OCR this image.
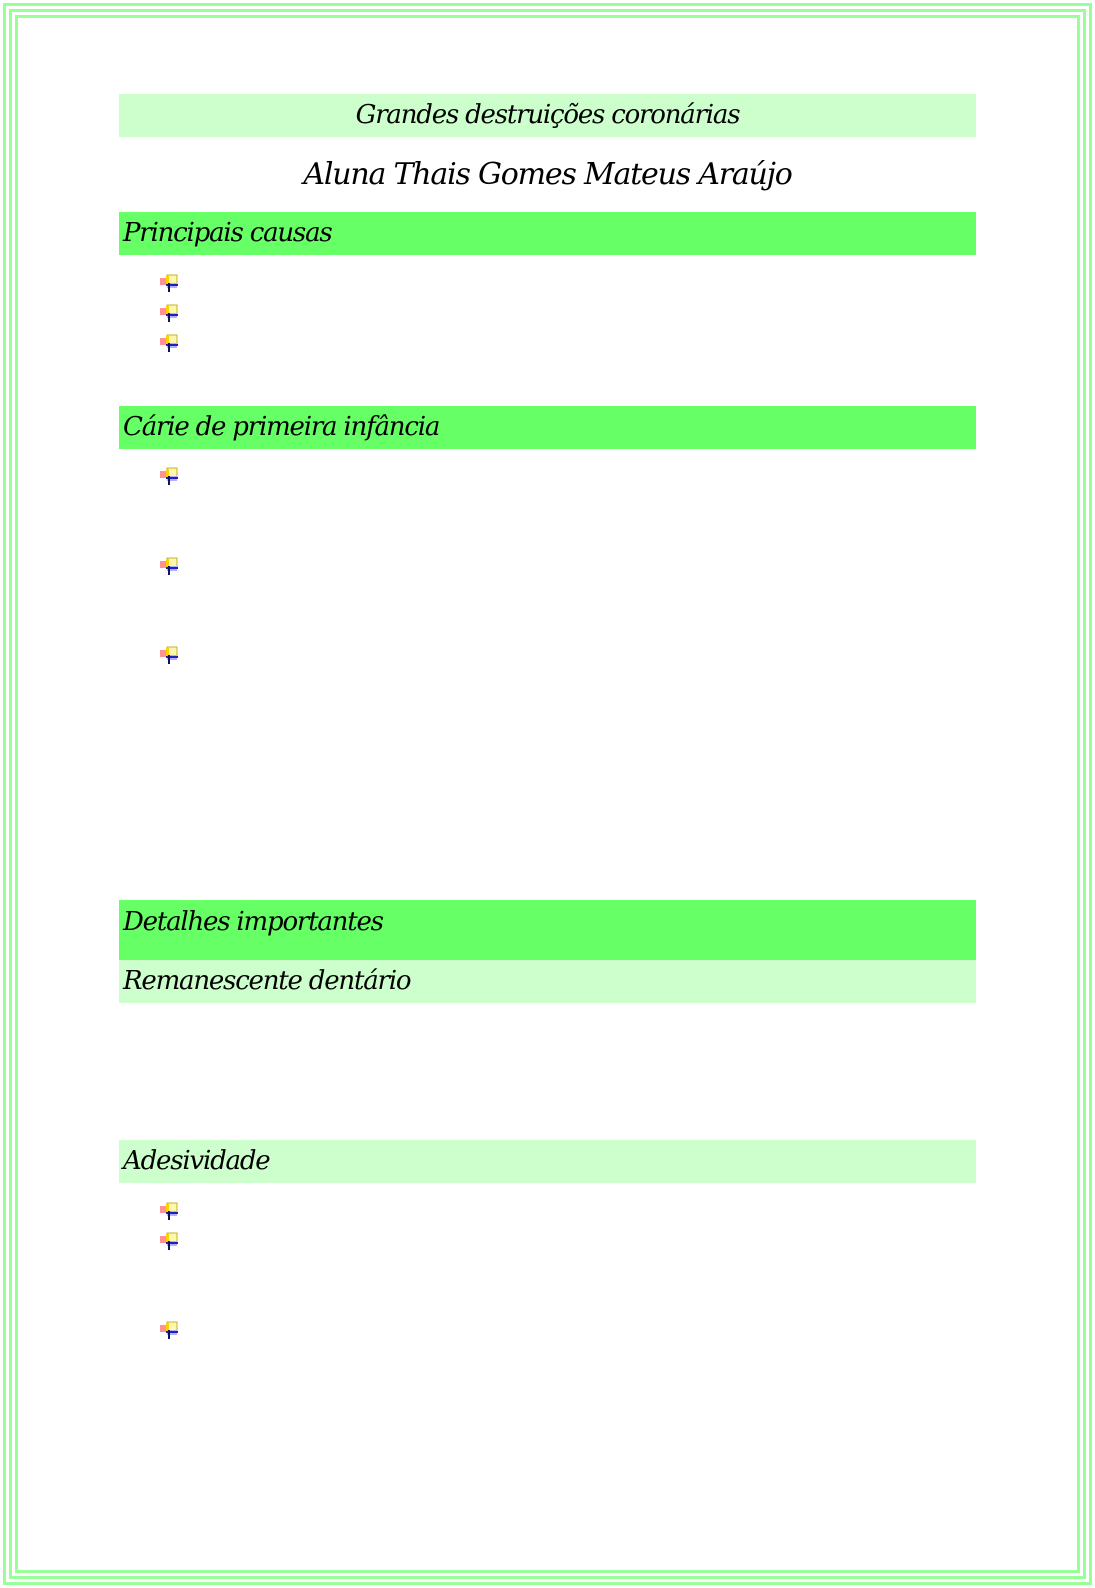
Grandes destruições coronárias
Aluna Thais Gomes Mateus Araújo
Principais causas
Cárie de primeira infância
Detalhes importantes
Remanescente dentário
Adesividade
